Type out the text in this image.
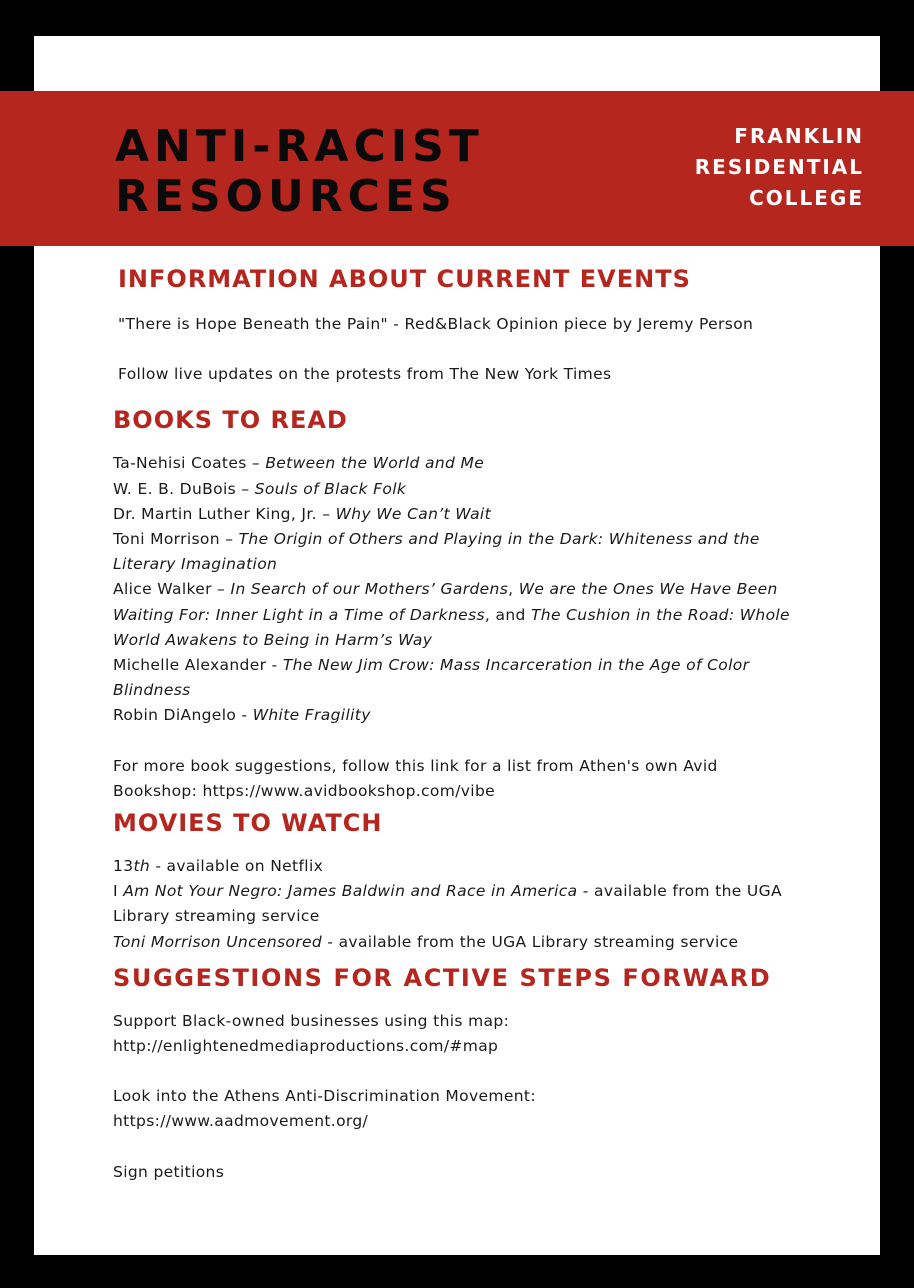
ANTI-RACIST
RESOURCES
FRANKLIN
RESIDENTIAL
COLLEGE
INFORMATION ABOUT CURRENT EVENTS

"There is Hope Beneath the Pain" - Red&Black Opinion piece by Jeremy Person

Follow live updates on the protests from The New York Times

BOOKS TO READ

Ta-Nehisi Coates – Between the World and Me

W. E. B. DuBois – Souls of Black Folk

Dr. Martin Luther King, Jr. – Why We Can’t Wait

Toni Morrison – The Origin of Others and Playing in the Dark: Whiteness and the Literary Imagination

Alice Walker – In Search of our Mothers’ Gardens, We are the Ones We Have Been Waiting For: Inner Light in a Time of Darkness, and The Cushion in the Road: Whole World Awakens to Being in Harm’s Way

Michelle Alexander - The New Jim Crow: Mass Incarceration in the Age of Color Blindness

Robin DiAngelo - White Fragility

For more book suggestions, follow this link for a list from Athen's own Avid Bookshop: https://www.avidbookshop.com/vibe

MOVIES TO WATCH

13th - available on Netflix

I Am Not Your Negro: James Baldwin and Race in America - available from the UGA Library streaming service

Toni Morrison Uncensored - available from the UGA Library streaming service

SUGGESTIONS FOR ACTIVE STEPS FORWARD

Support Black-owned businesses using this map:

http://enlightenedmediaproductions.com/#map

Look into the Athens Anti-Discrimination Movement:

https://www.aadmovement.org/

Sign petitions
